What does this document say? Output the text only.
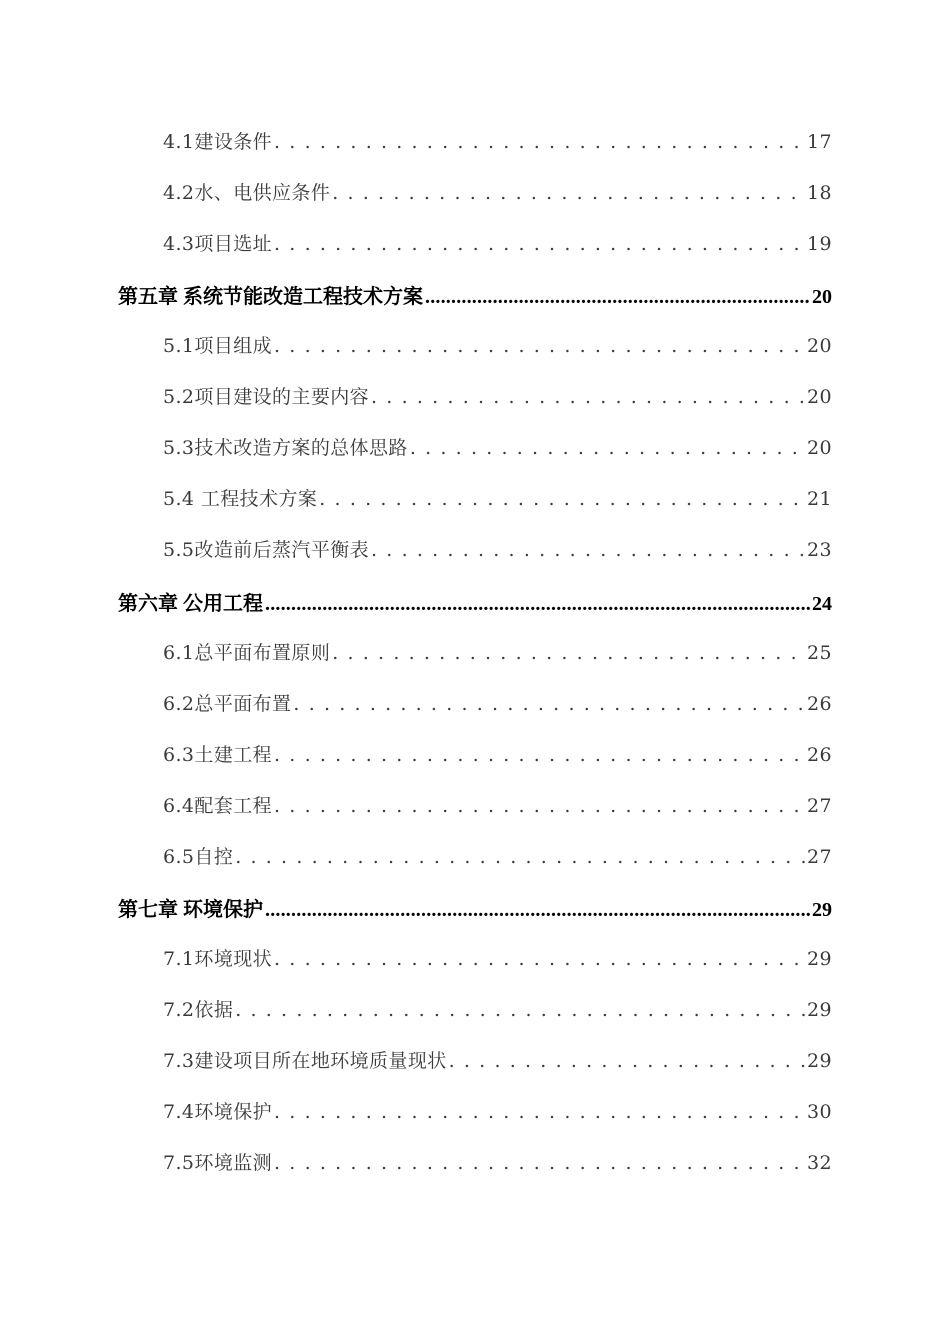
4.1建设条件 . . .	17
4.2水、电供应条件 . . .	18
4.3项目选址 . . .	19
第五章 系统节能改造工程技术方案 .....	20
5.1项目组成 . . .	20
5.2项目建设的主要内容 . . .	20
5.3技术改造方案的总体思路 . . .	20
5.4 工程技术方案 . . .	21
5.5改造前后蒸汽平衡表 . . .	23
第六章 公用工程 .....	24
6.1总平面布置原则 . . .	25
6.2总平面布置 . . .	26
6.3土建工程 . . .	26
6.4配套工程 . . .	27
6.5自控 . . .	27
第七章 环境保护 .....	29
7.1环境现状 . . .	29
7.2依据 . . .	29
7.3建设项目所在地环境质量现状 . . .	29
7.4环境保护 . . .	30
7.5环境监测 . . .	32
